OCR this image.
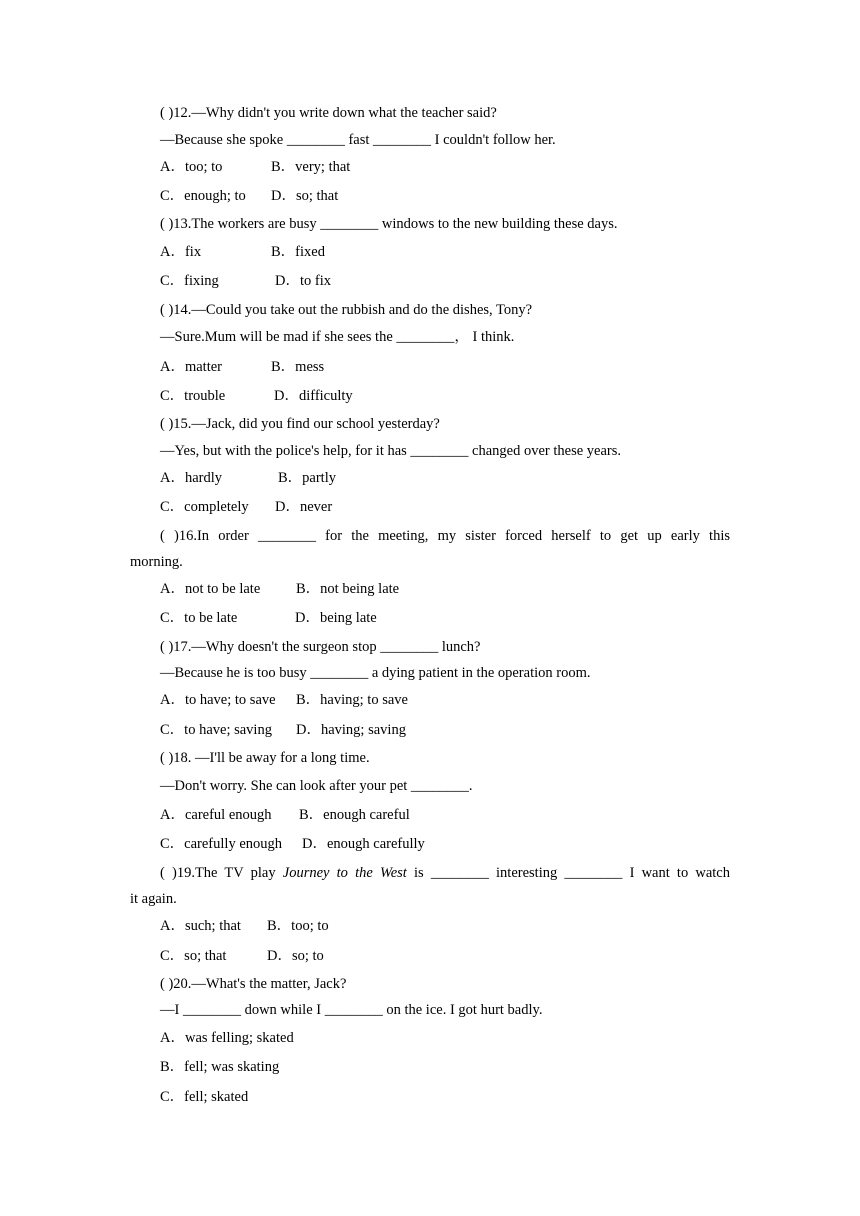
( )12.—Why didn't you write down what the teacher said?
—Because she spoke ________ fast ________ I couldn't follow her.
A．too; to	B．very; that
C．enough; to D．so; that
( )13.The workers are busy ________ windows to the new building these days.
A．fix	B．fixed
C．fixing	D．to fix
( )14.—Could you take out the rubbish and do the dishes, Tony?
—Sure.Mum will be mad if she sees the ________， I think.
A．matter	B．mess
C．trouble	D．difficulty
( )15.—Jack, did you find our school yesterday?
—Yes, but with the police's help, for it has ________ changed over these years.
A．hardly	B．partly
C．completely D．never
( )16.In order ________ for the meeting, my sister forced herself to get up early this
morning.
A．not to be late B．not being late
C．to be late	D．being late
( )17.—Why doesn't the surgeon stop ________ lunch?
—Because he is too busy ________ a dying patient in the operation room.
A．to have; to save B．having; to save
C．to have; saving D．having; saving
( )18. —I'll be away for a long time.
—Don't worry. She can look after your pet ________.
A．careful enough B．enough careful
C．carefully enough D．enough carefully
( )19.The TV play Journey to the West is ________ interesting ________ I want to watch
it again.
A．such; that B．too; to
C．so; that	D．so; to
( )20.—What's the matter, Jack?
—I ________ down while I ________ on the ice. I got hurt badly.
A．was felling; skated
B．fell; was skating
C．fell; skated
